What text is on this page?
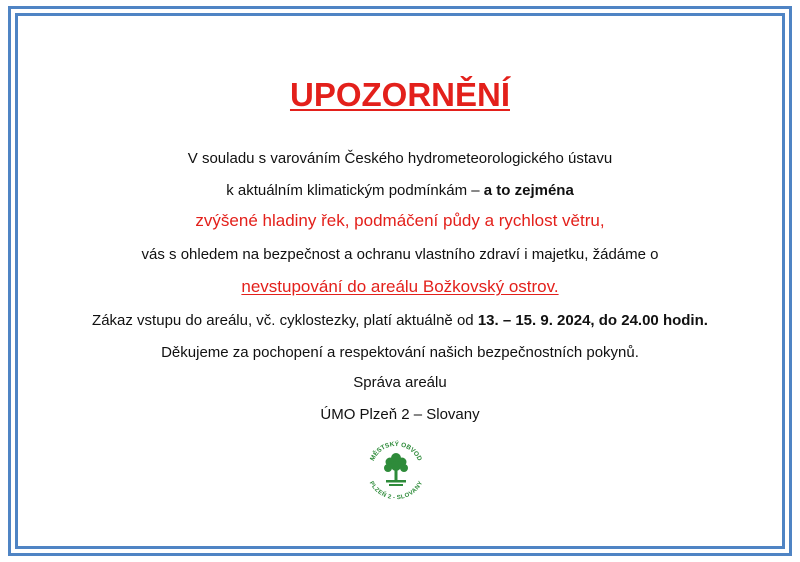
UPOZORNĚNÍ
V souladu s varováním Českého hydrometeorologického ústavu
k aktuálním klimatickým podmínkám – a to zejména
zvýšené hladiny řek, podmáčení půdy a rychlost větru,
vás s ohledem na bezpečnost a ochranu vlastního zdraví i majetku, žádáme o
nevstupování do areálu Božkovský ostrov.
Zákaz vstupu do areálu, vč. cyklostezky, platí aktuálně od 13. – 15. 9. 2024, do 24.00 hodin.
Děkujeme za pochopení a respektování našich bezpečnostních pokynů.
Správa areálu
ÚMO Plzeň 2 – Slovany
MĚSTSKÝ OBVOD
PLZEŇ 2 - SLOVANY
